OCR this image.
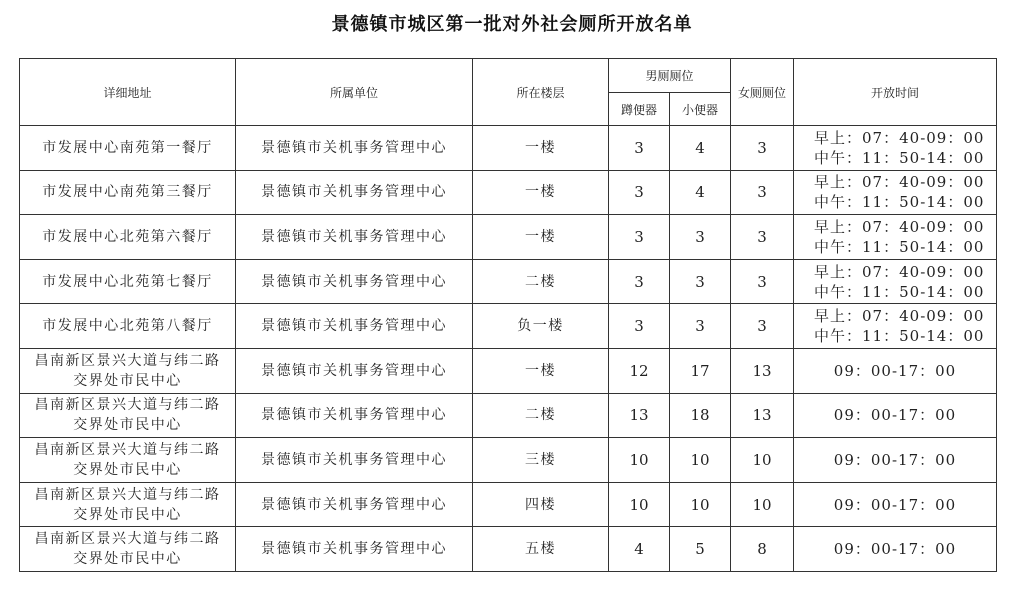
景德镇市城区第一批对外社会厕所开放名单
详细地址	所属单位	所在楼层	男厕厕位		女厕厕位	开放时间
			蹲便器	小便器		

市发展中心南苑第一餐厅	景德镇市关机事务管理中心	一楼	3	4	3	早上：07：40-09：00
中午：11：50-14：00

市发展中心南苑第三餐厅	景德镇市关机事务管理中心	一楼	3	4	3	早上：07：40-09：00
中午：11：50-14：00

市发展中心北苑第六餐厅	景德镇市关机事务管理中心	一楼	3	3	3	早上：07：40-09：00
中午：11：50-14：00

市发展中心北苑第七餐厅	景德镇市关机事务管理中心	二楼	3	3	3	早上：07：40-09：00
中午：11：50-14：00

市发展中心北苑第八餐厅	景德镇市关机事务管理中心	负一楼	3	3	3	早上：07：40-09：00
中午：11：50-14：00

昌南新区景兴大道与纬二路
交界处市民中心	景德镇市关机事务管理中心	一楼	12	17	13	09：00-17：00

昌南新区景兴大道与纬二路
交界处市民中心	景德镇市关机事务管理中心	二楼	13	18	13	09：00-17：00

昌南新区景兴大道与纬二路
交界处市民中心	景德镇市关机事务管理中心	三楼	10	10	10	09：00-17：00

昌南新区景兴大道与纬二路
交界处市民中心	景德镇市关机事务管理中心	四楼	10	10	10	09：00-17：00

昌南新区景兴大道与纬二路
交界处市民中心	景德镇市关机事务管理中心	五楼	4	5	8	09：00-17：00
